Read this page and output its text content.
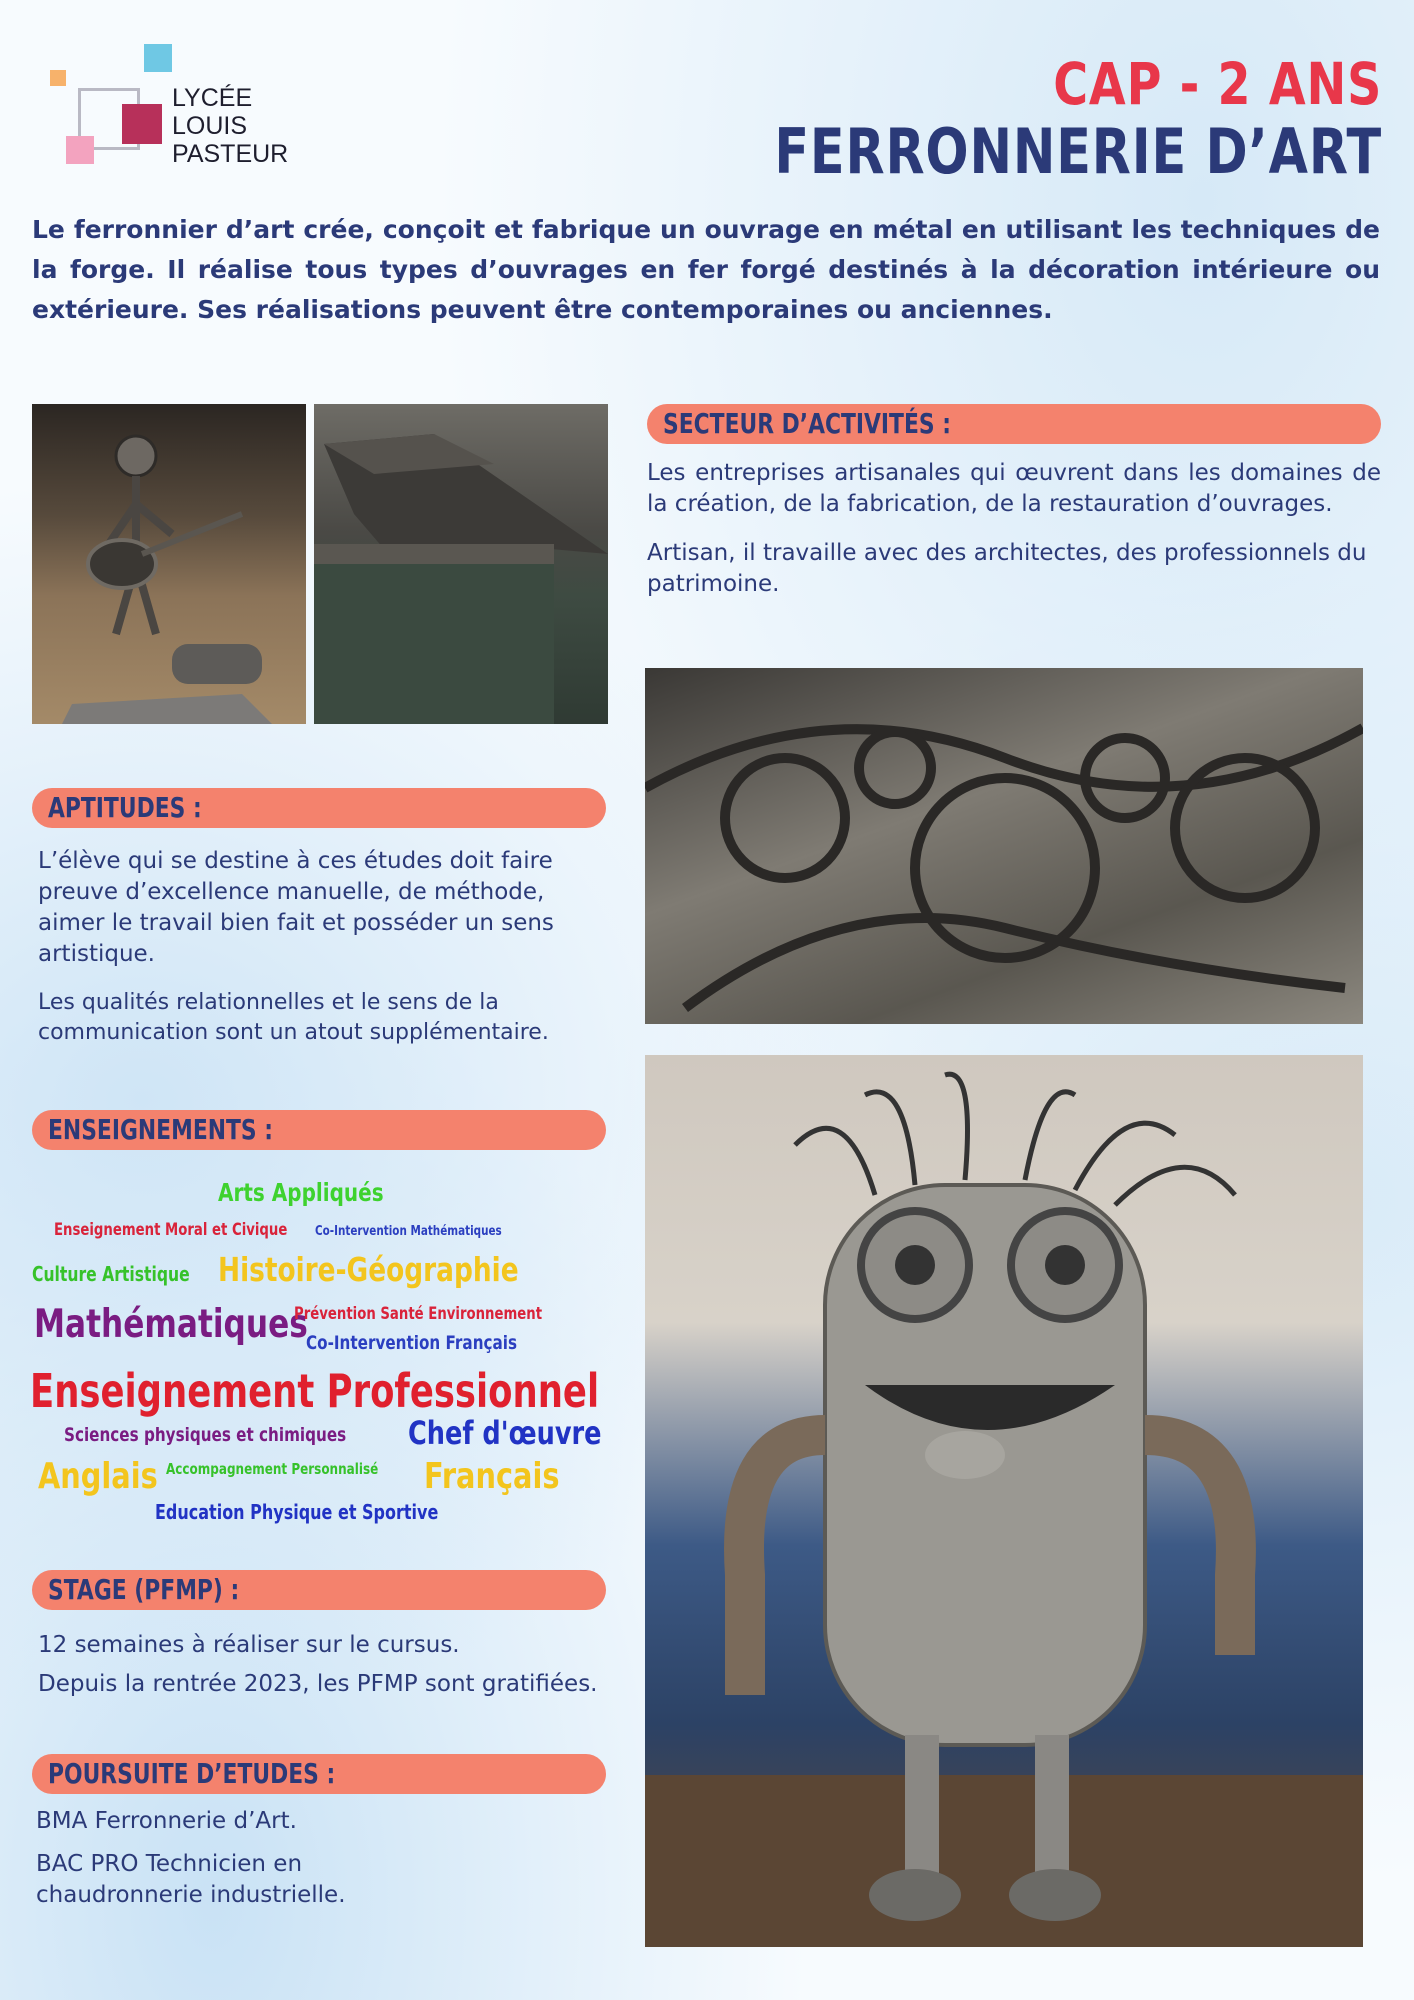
LYCÉE
LOUIS
PASTEUR
CAP - 2 ANS
FERRONNERIE D’ART
Le ferronnier d’art crée, conçoit et fabrique un ouvrage en métal en utilisant les techniques de la forge. Il réalise tous types d’ouvrages en fer forgé destinés à la décoration intérieure ou extérieure. Ses réalisations peuvent être contemporaines ou anciennes.
SECTEUR D’ACTIVITÉS :

Les entreprises artisanales qui œuvrent dans les domaines de la création, de la fabrication, de la restauration d’ouvrages.

Artisan, il travaille avec des architectes, des professionnels du patrimoine.

APTITUDES :

L’élève qui se destine à ces études doit faire preuve d’excellence manuelle, de méthode, aimer le travail bien fait et posséder un sens artistique.

Les qualités relationnelles et le sens de la communication sont un atout supplémentaire.

ENSEIGNEMENTS :
Arts Appliqués
Enseignement Moral et Civique Co-Intervention Mathématiques
Culture Artistique Histoire-Géographie
Mathématiques
Prévention Santé Environnement
Co-Intervention Français
Enseignement Professionnel
Sciences physiques et chimiques Chef d'œuvre
Anglais Accompagnement Personnalisé Français
Education Physique et Sportive
STAGE (PFMP) :

12 semaines à réaliser sur le cursus.

Depuis la rentrée 2023, les PFMP sont gratifiées.

POURSUITE D’ETUDES :

BMA Ferronnerie d’Art.

BAC PRO Technicien en chaudronnerie industrielle.
